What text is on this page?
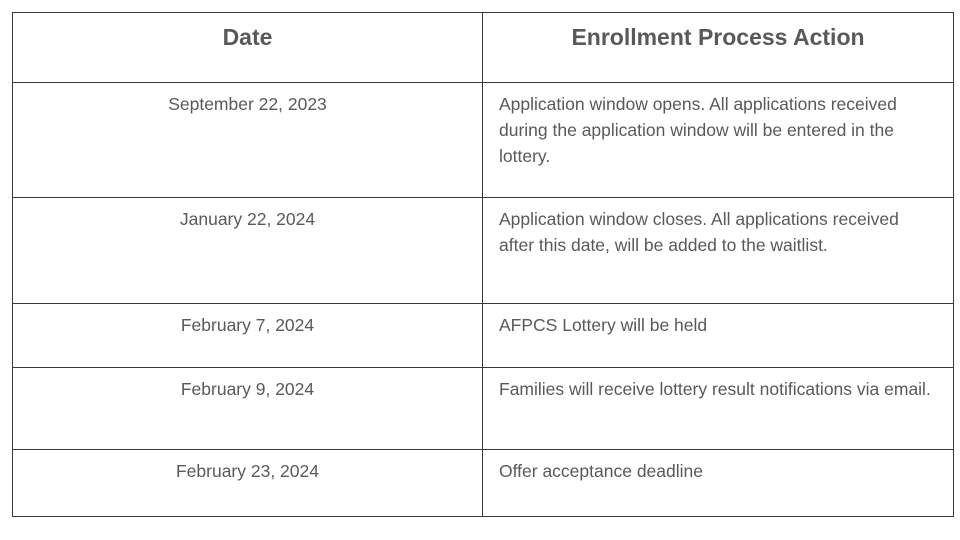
Date	Enrollment Process Action
September 22, 2023	Application window opens. All applications received during the application window will be entered in the lottery.
January 22, 2024	Application window closes. All applications received after this date, will be added to the waitlist.
February 7, 2024	AFPCS Lottery will be held
February 9, 2024	Families will receive lottery result notifications via email.
February 23, 2024	Offer acceptance deadline
